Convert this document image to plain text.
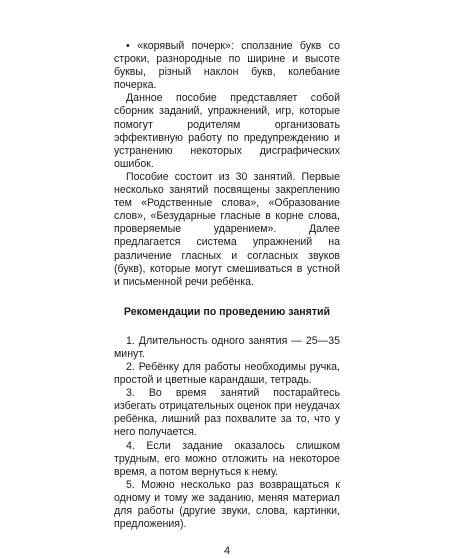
• «корявый почерк»: сползание букв со строки, разнородные по ширине и высоте буквы, різный наклон букв, колебание почерка.

Данное пособие представляет собой сборник заданий, упражнений, игр, которые помогут родителям организовать эффективную работу по предупреждению и устранению некоторых дисграфических ошибок.

Пособие состоит из 30 занятий. Первые несколько занятий посвящены закреплению тем «Родственные слова», «Образование слов», «Безударные гласные в корне слова, проверяемые ударением». Далее предлагается система упражнений на различение гласных и согласных звуков (букв), которые могут смешиваться в устной и письменной речи ребёнка.

Рекомендации по проведению занятий

1. Длительность одного занятия — 25—35 минут.

2. Ребёнку для работы необходимы ручка, простой и цветные карандаши, тетрадь.

3. Во время занятий постарайтесь избегать отрицательных оценок при неудачах ребёнка, лишний раз похвалите за то, что у него получается.

4. Если задание оказалось слишком трудным, его можно отложить на некоторое время, а потом вернуться к нему.

5. Можно несколько раз возвращаться к одному и тому же заданию, меняя материал для работы (другие звуки, слова, картинки, предложения).

4
